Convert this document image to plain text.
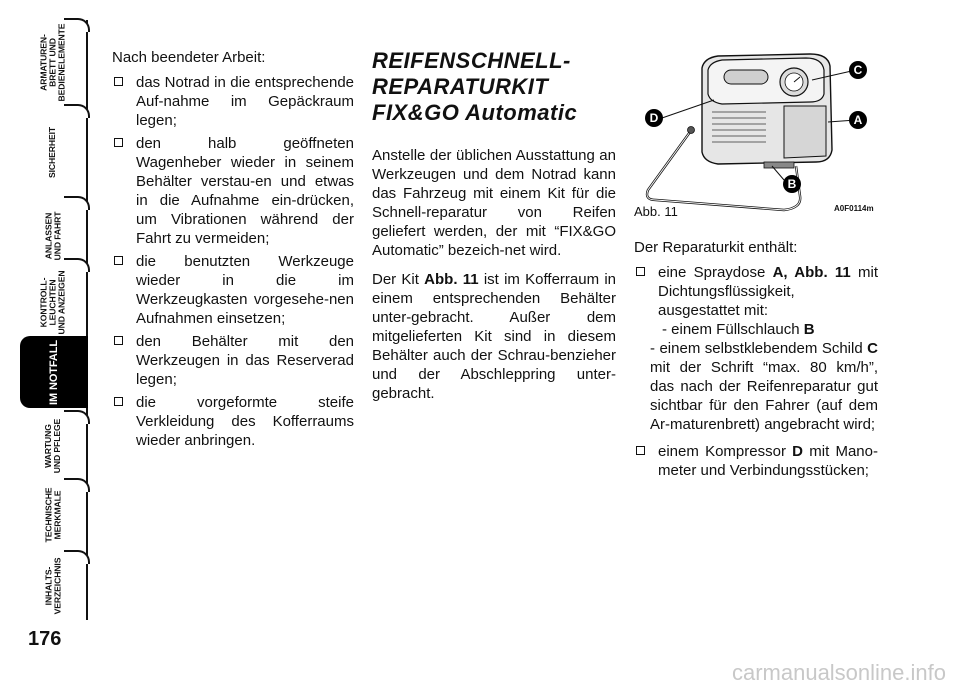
ARMATUREN-
BRETT UND
BEDIENELEMENTE
SICHERHEIT
ANLASSEN
UND FAHRT
KONTROLL-
LEUCHTEN
UND ANZEIGEN
IM NOTFALL
WARTUNG
UND PFLEGE
TECHNISCHE
MERKMALE
INHALTS-
VERZEICHNIS
176

Nach beendeter Arbeit:

das Notrad in die entsprechende Auf-nahme im Gepäckraum legen;
den halb geöffneten Wagenheber wieder in seinem Behälter verstau-en und etwas in die Aufnahme ein-drücken, um Vibrationen während der Fahrt zu vermeiden;
die benutzten Werkzeuge wieder in die im Werkzeugkasten vorgesehe-nen Aufnahmen einsetzen;
den Behälter mit den Werkzeugen in das Reserverad legen;
die vorgeformte steife Verkleidung des Kofferraums wieder anbringen.
REIFENSCHNELL-
REPARATURKIT
FIX&GO Automatic

Anstelle der üblichen Ausstattung an Werkzeugen und dem Notrad kann das Fahrzeug mit einem Kit für die Schnell-reparatur von Reifen geliefert werden, der mit “FIX&GO Automatic” bezeich-net wird.

Der Kit Abb. 11 ist im Kofferraum in einem entsprechenden Behälter unter-gebracht. Außer dem mitgelieferten Kit sind in diesem Behälter auch der Schrau-benzieher und der Abschleppring unter-gebracht.

C
A
D
B
Abb. 11	A0F0114m

Der Reparaturkit enthält:

eine Spraydose A, Abb. 11 mit Dichtungsflüssigkeit, ausgestattet mit:
- einem Füllschlauch B
- einem selbstklebendem Schild C mit der Schrift “max. 80 km/h”, das nach der Reifenreparatur gut sichtbar für den Fahrer (auf dem Ar-maturenbrett) angebracht wird;
einem Kompressor D mit Mano-meter und Verbindungsstücken;
carmanualsonline.info
